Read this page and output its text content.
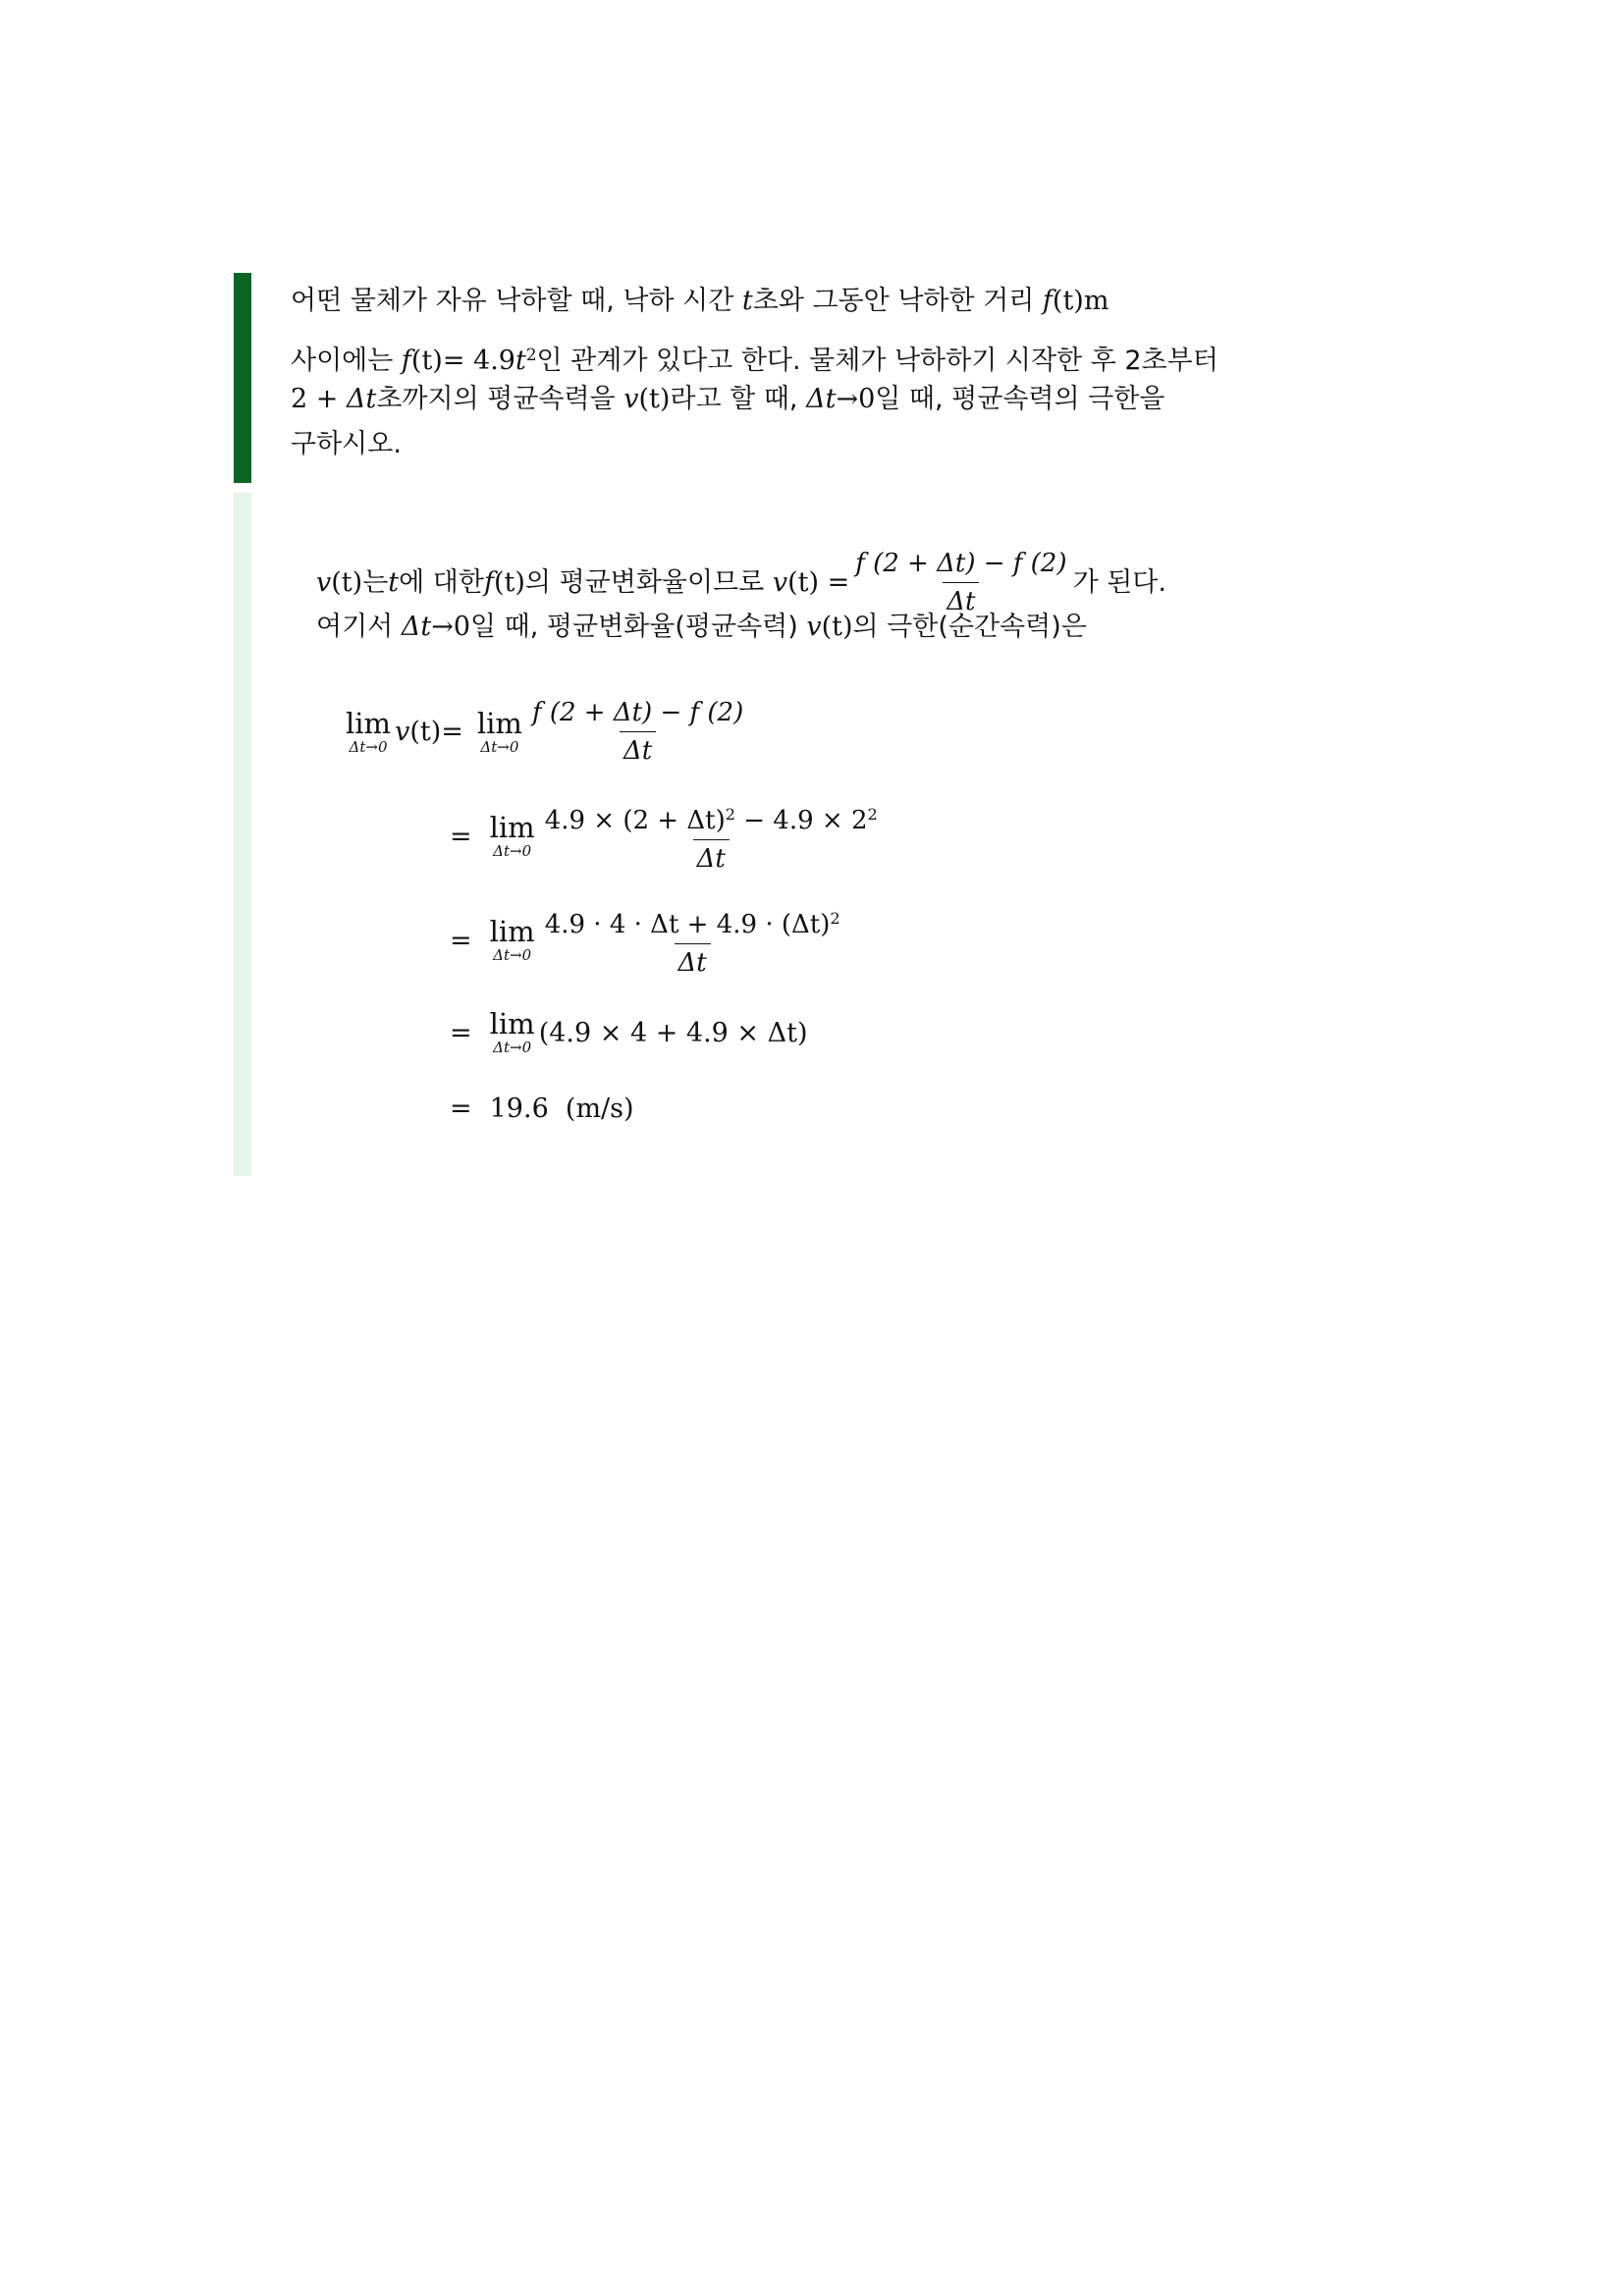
어떤 물체가 자유 낙하할 때, 낙하 시간 t초와 그동안 낙하한 거리 f(t)m
사이에는 $f(t)= 4.9t^2$인 관계가 있다고 한다. 물체가 낙하하기 시작한 후 2초부터
2 + Δt초까지의 평균속력을 v(t)라고 할 때, Δt→0일 때, 평균속력의 극한을
구하시오.
v (t) 는 t 에 대한 f (t) 의 평균변화율이므로 v $(t) = \frac{f (2 + \Delta t) - f (2)}{\Delta t}$ 가 된다.
여기서 Δt→0일 때, 평균변화율(평균속력) v(t)의 극한(순간속력)은
lim
Δt→0 v (t)= lim
$\Delta t\to 0 \frac{f (2 + \Delta t) - f (2)}{\Delta t}$
= lim
$\Delta t\to 0 \frac{4.9 \times (2 + \Delta t)^2 - 4.9 \times 2^2}{\Delta t}$
= lim
$\Delta t\to 0 \frac{4.9 \cdot 4 \cdot \Delta t + 4.9 \cdot (\Delta t)^2}{\Delta t}$
= lim
Δt→0 (4.9 × 4 + 4.9 × Δt)
= 19.6  (m/s)
